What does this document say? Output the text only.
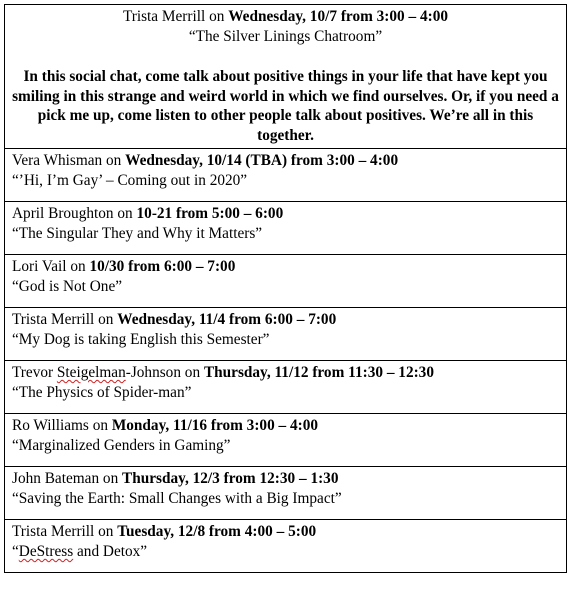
Trista Merrill on Wednesday, 10/7 from 3:00 – 4:00
“The Silver Linings Chatroom”
In this social chat, come talk about positive things in your life that have kept you smiling in this strange and weird world in which we find ourselves. Or, if you need a pick me up, come listen to other people talk about positives. We’re all in this together.

Vera Whisman on Wednesday, 10/14 (TBA) from 3:00 – 4:00
“’Hi, I’m Gay’ – Coming out in 2020”

April Broughton on 10-21 from 5:00 – 6:00
“The Singular They and Why it Matters”

Lori Vail on 10/30 from 6:00 – 7:00
“God is Not One”

Trista Merrill on Wednesday, 11/4 from 6:00 – 7:00
“My Dog is taking English this Semester”

Trevor Steigelman-Johnson on Thursday, 11/12 from 11:30 – 12:30
“The Physics of Spider-man”

Ro Williams on Monday, 11/16 from 3:00 – 4:00
“Marginalized Genders in Gaming”

John Bateman on Thursday, 12/3 from 12:30 – 1:30
“Saving the Earth: Small Changes with a Big Impact”

Trista Merrill on Tuesday, 12/8 from 4:00 – 5:00
“DeStress and Detox”
